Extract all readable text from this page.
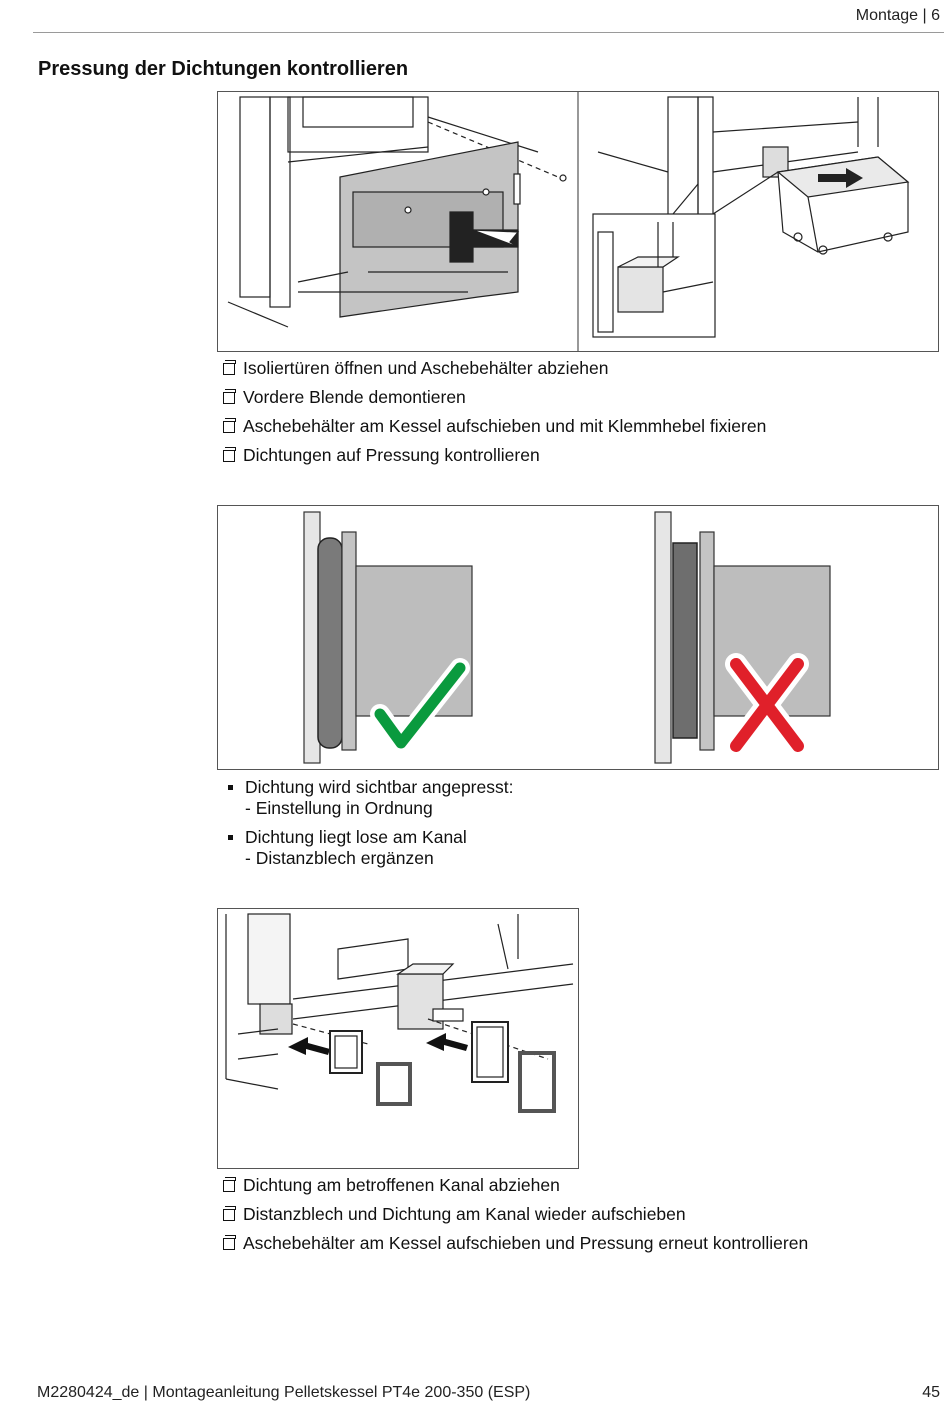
Montage | 6
Pressung der Dichtungen kontrollieren
Isoliertüren öffnen und Aschebehälter abziehen
Vordere Blende demontieren
Aschebehälter am Kessel aufschieben und mit Klemmhebel fixieren
Dichtungen auf Pressung kontrollieren
Dichtung wird sichtbar angepresst:
- Einstellung in Ordnung
Dichtung liegt lose am Kanal
- Distanzblech ergänzen
Dichtung am betroffenen Kanal abziehen
Distanzblech und Dichtung am Kanal wieder aufschieben
Aschebehälter am Kessel aufschieben und Pressung erneut kontrollieren
M2280424_de | Montageanleitung Pelletskessel PT4e 200-350 (ESP)	45
